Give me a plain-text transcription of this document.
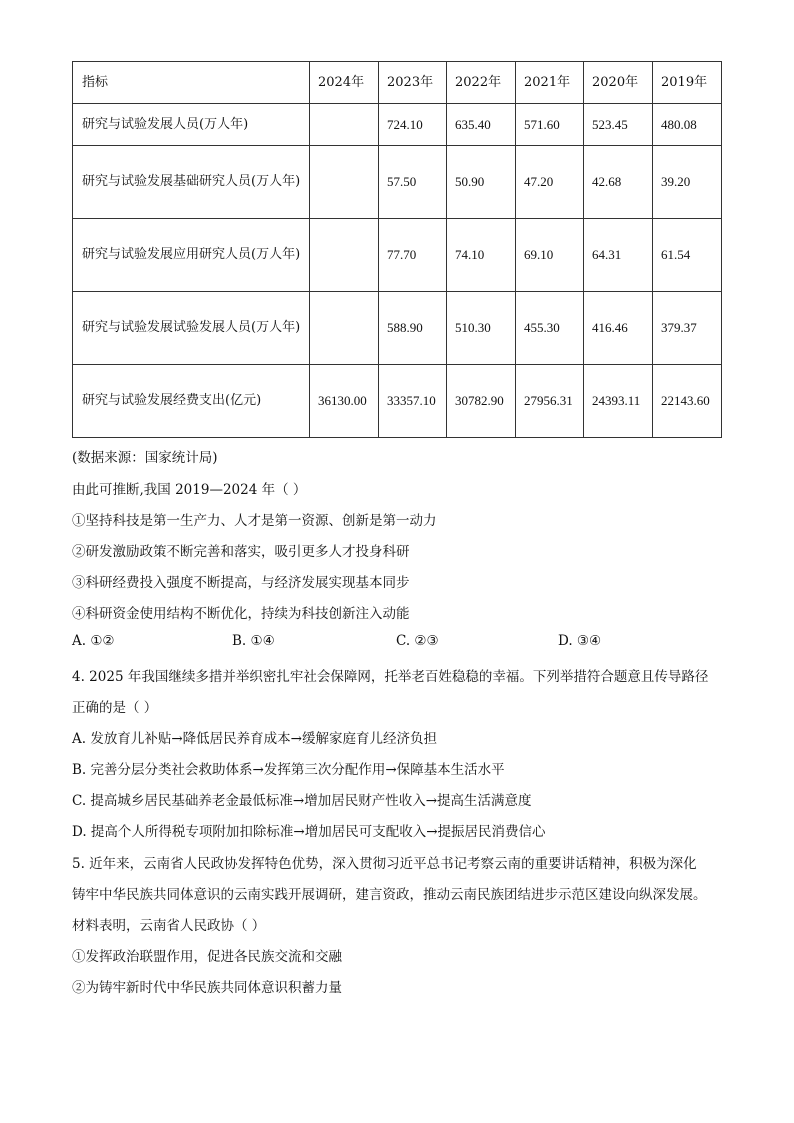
指标	2024年	2023年	2022年	2021年	2020年	2019年
研究与试验发展人员(万人年)		724.10	635.40	571.60	523.45	480.08
研究与试验发展基础研究人员(万人年)		57.50	50.90	47.20	42.68	39.20
研究与试验发展应用研究人员(万人年)		77.70	74.10	69.10	64.31	61.54
研究与试验发展试验发展人员(万人年)		588.90	510.30	455.30	416.46	379.37
研究与试验发展经费支出(亿元)	36130.00	33357.10	30782.90	27956.31	24393.11	22143.60
(数据来源：国家统计局)
由此可推断,我国 2019—2024 年（ ）
①坚持科技是第一生产力、人才是第一资源、创新是第一动力
②研发激励政策不断完善和落实，吸引更多人才投身科研
③科研经费投入强度不断提高，与经济发展实现基本同步
④科研资金使用结构不断优化，持续为科技创新注入动能
A. ①②	B. ①④	C. ②③	D. ③④
4. 2025 年我国继续多措并举织密扎牢社会保障网，托举老百姓稳稳的幸福。下列举措符合题意且传导路径
正确的是（ ）
A. 发放育儿补贴→降低居民养育成本→缓解家庭育儿经济负担
B. 完善分层分类社会救助体系→发挥第三次分配作用→保障基本生活水平
C. 提高城乡居民基础养老金最低标准→增加居民财产性收入→提高生活满意度
D. 提高个人所得税专项附加扣除标准→增加居民可支配收入→提振居民消费信心
5. 近年来，云南省人民政协发挥特色优势，深入贯彻习近平总书记考察云南的重要讲话精神，积极为深化
铸牢中华民族共同体意识的云南实践开展调研，建言资政，推动云南民族团结进步示范区建设向纵深发展。
材料表明，云南省人民政协（ ）
①发挥政治联盟作用，促进各民族交流和交融
②为铸牢新时代中华民族共同体意识积蓄力量
